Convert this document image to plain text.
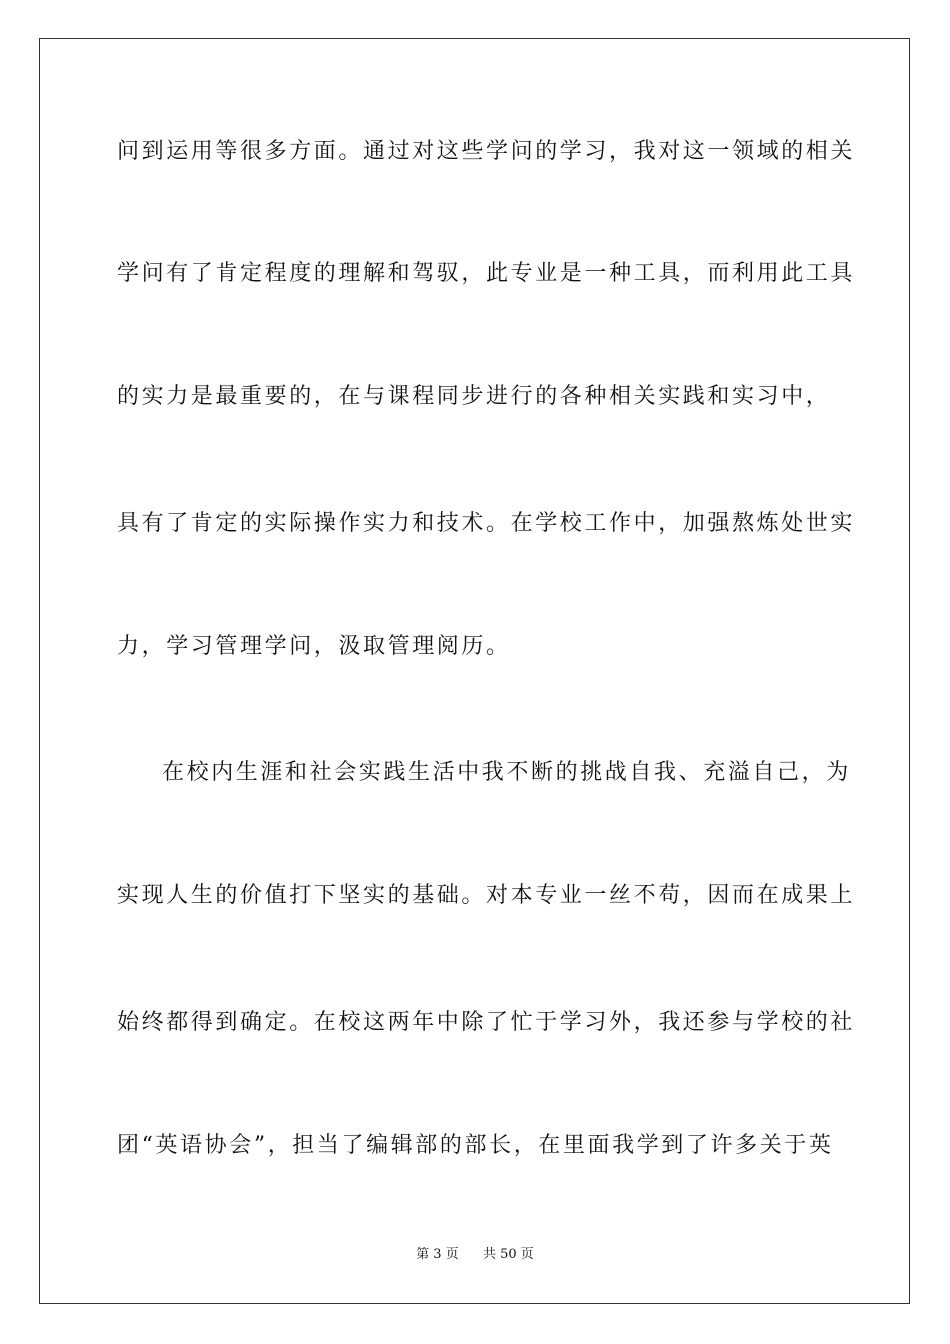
问到运用等很多方面。通过对这些学问的学习，我对这一领域的相关
学问有了肯定程度的理解和驾驭，此专业是一种工具，而利用此工具
的实力是最重要的，在与课程同步进行的各种相关实践和实习中，
具有了肯定的实际操作实力和技术。在学校工作中，加强熬炼处世实
力，学习管理学问，汲取管理阅历。
在校内生涯和社会实践生活中我不断的挑战自我、充溢自己，为
实现人生的价值打下坚实的基础。对本专业一丝不苟，因而在成果上
始终都得到确定。在校这两年中除了忙于学习外，我还参与学校的社
团“英语协会”，担当了编辑部的部长，在里面我学到了许多关于英
第 3 页 共 50 页
